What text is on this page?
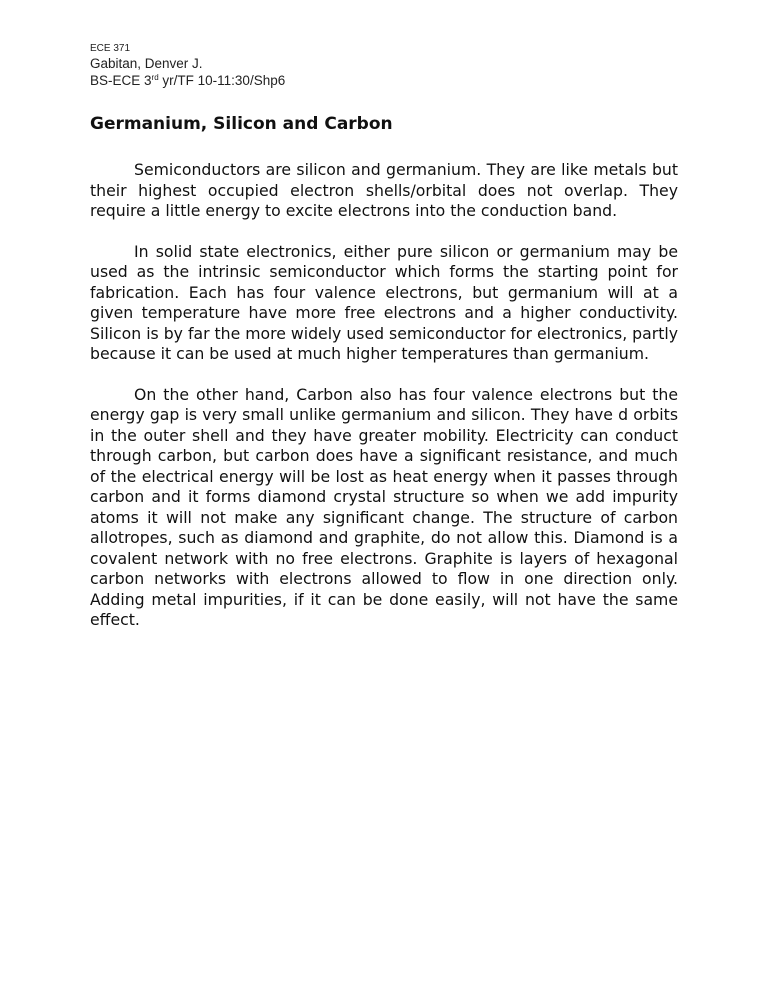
ECE 371

Gabitan, Denver J.

BS-ECE 3rd yr/TF 10-11:30/Shp6

Germanium, Silicon and Carbon

Semiconductors are silicon and germanium. They are like metals but their highest occupied electron shells/orbital does not overlap. They require a little energy to excite electrons into the conduction band.

In solid state electronics, either pure silicon or germanium may be used as the intrinsic semiconductor which forms the starting point for fabrication. Each has four valence electrons, but germanium will at a given temperature have more free electrons and a higher conductivity. Silicon is by far the more widely used semiconductor for electronics, partly because it can be used at much higher temperatures than germanium.

On the other hand, Carbon also has four valence electrons but the energy gap is very small unlike germanium and silicon. They have d orbits in the outer shell and they have greater mobility. Electricity can conduct through carbon, but carbon does have a significant resistance, and much of the electrical energy will be lost as heat energy when it passes through carbon and it forms diamond crystal structure so when we add impurity atoms it will not make any significant change. The structure of carbon allotropes, such as diamond and graphite, do not allow this. Diamond is a covalent network with no free electrons. Graphite is layers of hexagonal carbon networks with electrons allowed to flow in one direction only. Adding metal impurities, if it can be done easily, will not have the same effect.
